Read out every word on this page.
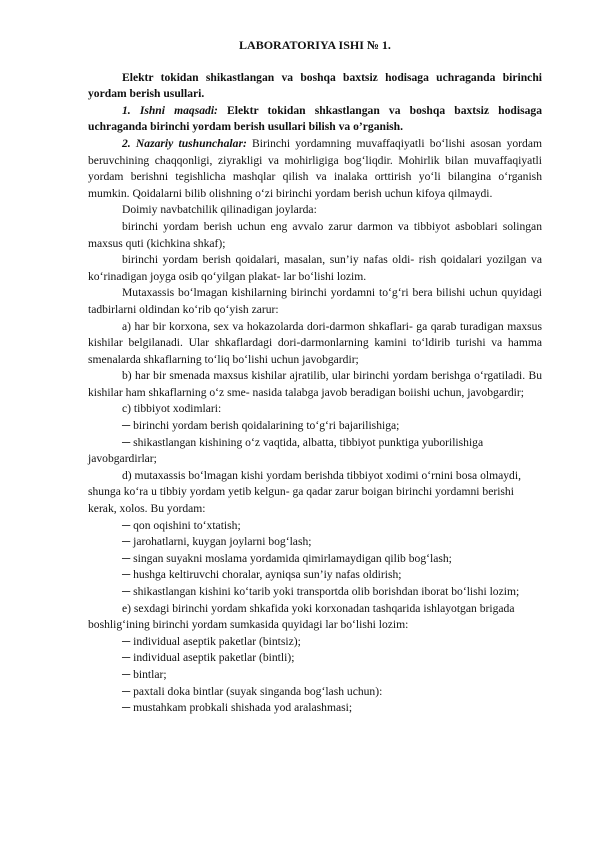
LABORATORIYA ISHI № 1.

Elektr tokidan shikastlangan va boshqa baxtsiz hodisaga uchraganda birinchi yordam berish usullari.

1. Ishni maqsadi: Elektr tokidan shkastlangan va boshqa baxtsiz hodisaga uchraganda birinchi yordam berish usullari bilish va o’rganish.

2. Nazariy tushunchalar: Birinchi yordamning muvaffaqiyatli bo‘lishi asosan yordam beruvchining chaqqonligi, ziyrakligi va mohirligiga bog‘liqdir. Mohirlik bilan muvaffaqiyatli yordam berishni tegishlicha mashqlar qilish va inalaka orttirish yo‘li bilangina o‘rganish mumkin. Qoidalarni bilib olishning o‘zi birinchi yordam berish uchun kifoya qilmaydi.

Doimiy navbatchilik qilinadigan joylarda:

birinchi yordam berish uchun eng avvalo zarur darmon va tibbiyot asboblari solingan maxsus quti (kichkina shkaf);

birinchi yordam berish qoidalari, masalan, sun’iy nafas oldi- rish qoidalari yozilgan va ko‘rinadigan joyga osib qo‘yilgan plakat- lar bo‘lishi lozim.

Mutaxassis bo‘lmagan kishilarning birinchi yordamni to‘g‘ri bera bilishi uchun quyidagi tadbirlarni oldindan ko‘rib qo‘yish zarur:

a) har bir korxona, sex va hokazolarda dori-darmon shkaflari- ga qarab turadigan maxsus kishilar belgilanadi. Ular shkaflardagi dori-darmonlarning kamini to‘ldirib turishi va hamma smenalarda shkaflarning to‘liq bo‘lishi uchun javobgardir;

b) har bir smenada maxsus kishilar ajratilib, ular birinchi yordam berishga o‘rgatiladi. Bu kishilar ham shkaflarning o‘z sme- nasida talabga javob beradigan boiishi uchun, javobgardir;

c) tibbiyot xodimlari:

─ birinchi yordam berish qoidalarining to‘g‘ri bajarilishiga;

─ shikastlangan kishining o‘z vaqtida, albatta, tibbiyot punktiga yuborilishiga javobgardirlar;

d) mutaxassis bo‘lmagan kishi yordam berishda tibbiyot xodimi o‘rnini bosa olmaydi, shunga ko‘ra u tibbiy yordam yetib kelgun- ga qadar zarur boigan birinchi yordamni berishi kerak, xolos. Bu yordam:

─ qon oqishini to‘xtatish;

─ jarohatlarni, kuygan joylarni bog‘lash;

─ singan suyakni moslama yordamida qimirlamaydigan qilib bog‘lash;

─ hushga keltiruvchi choralar, ayniqsa sun’iy nafas oldirish;

─ shikastlangan kishini ko‘tarib yoki transportda olib borishdan iborat bo‘lishi lozim;

e) sexdagi birinchi yordam shkafida yoki korxonadan tashqarida ishlayotgan brigada boshlig‘ining birinchi yordam sumkasida quyidagi lar bo‘lishi lozim:

─ individual aseptik paketlar (bintsiz);

─ individual aseptik paketlar (bintli);

─ bintlar;

─ paxtali doka bintlar (suyak singanda bog‘lash uchun):

─ mustahkam probkali shishada yod aralashmasi;
